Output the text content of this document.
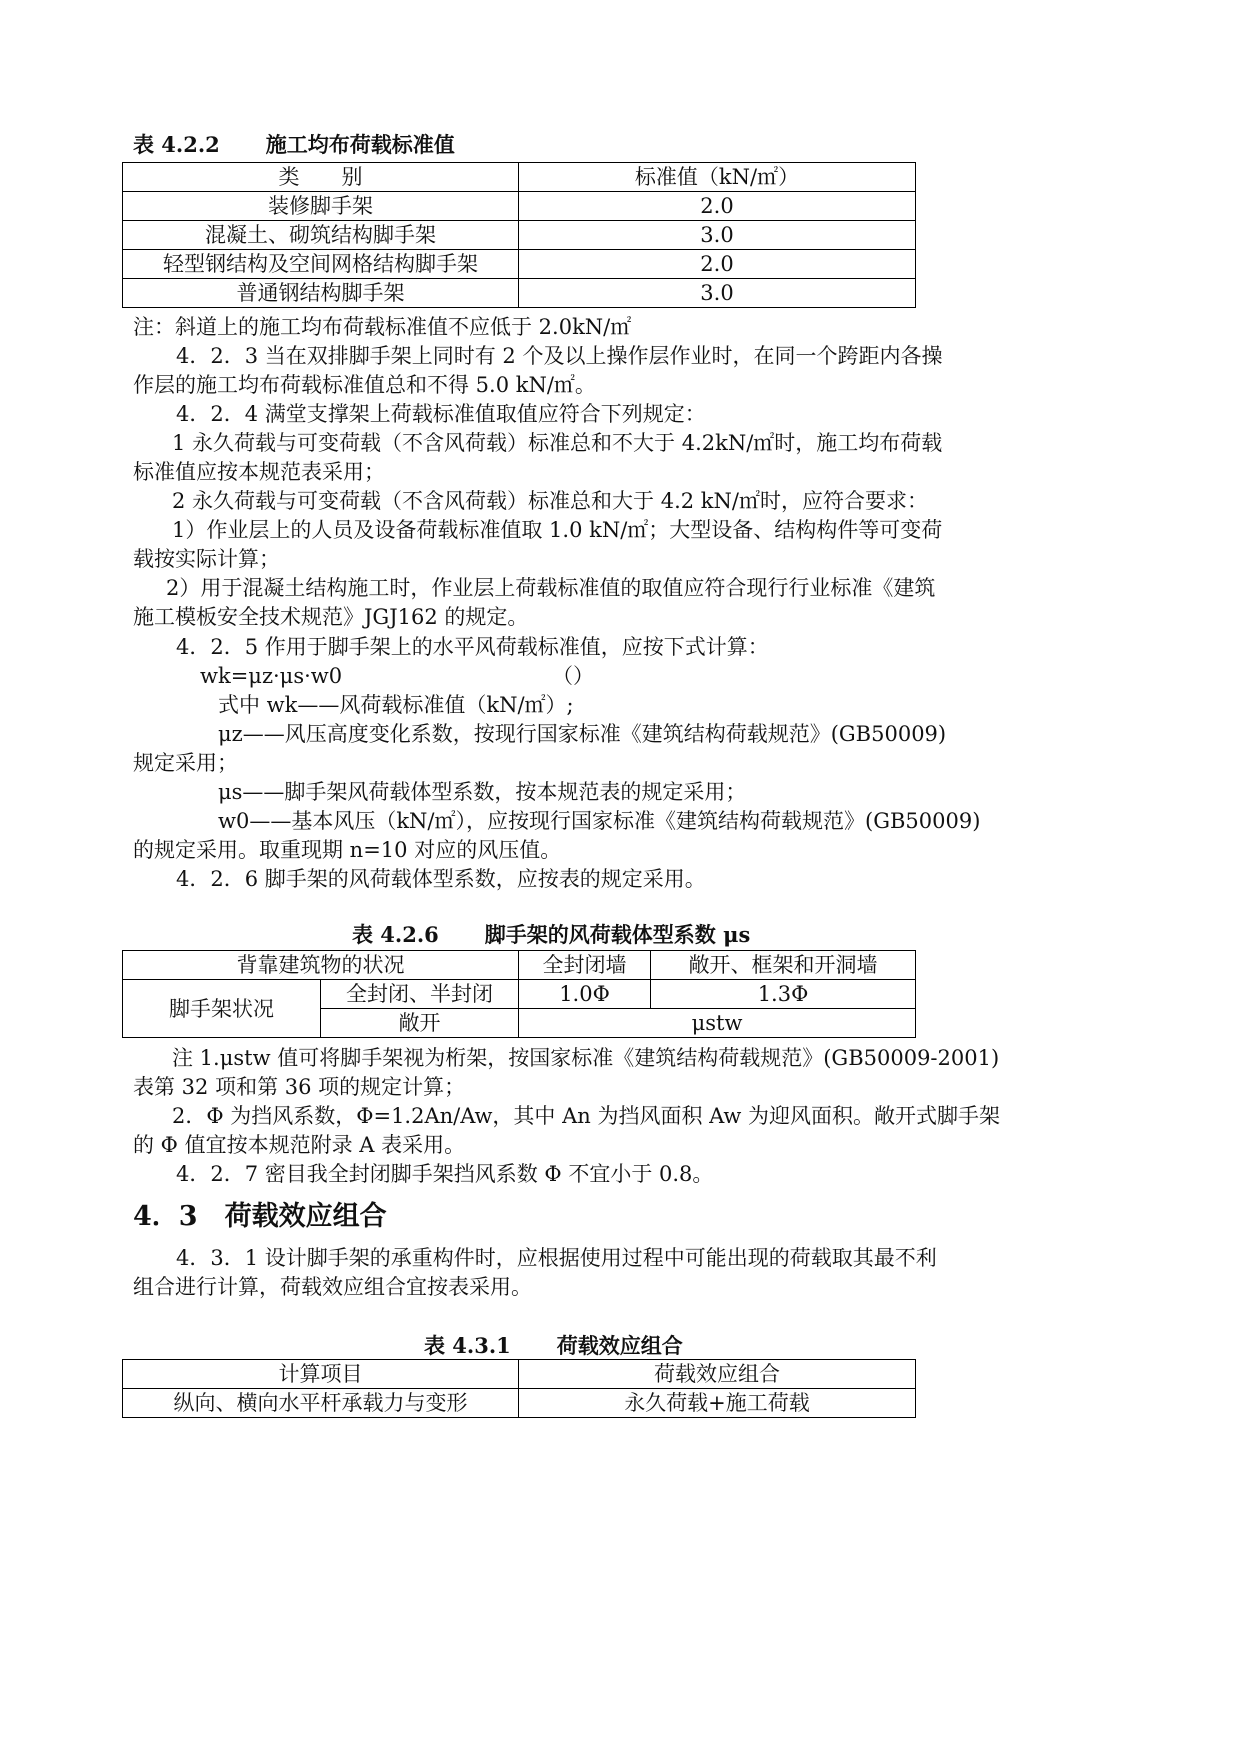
表 4.2.2 施工均布荷载标准值
类　　别	标准值（kN/㎡）
装修脚手架	2.0
混凝土、砌筑结构脚手架	3.0
轻型钢结构及空间网格结构脚手架	2.0
普通钢结构脚手架	3.0
注：斜道上的施工均布荷载标准值不应低于 2.0kN/㎡
4．2．3 当在双排脚手架上同时有 2 个及以上操作层作业时，在同一个跨距内各操
作层的施工均布荷载标准值总和不得 5.0 kN/㎡。
4．2．4 满堂支撑架上荷载标准值取值应符合下列规定：
1 永久荷载与可变荷载（不含风荷载）标准总和不大于 4.2kN/㎡时，施工均布荷载
标准值应按本规范表采用；
2 永久荷载与可变荷载（不含风荷载）标准总和大于 4.2 kN/㎡时，应符合要求：
1）作业层上的人员及设备荷载标准值取 1.0 kN/㎡；大型设备、结构构件等可变荷
载按实际计算；
2）用于混凝土结构施工时，作业层上荷载标准值的取值应符合现行行业标准《建筑
施工模板安全技术规范》JGJ162 的规定。
4．2．5 作用于脚手架上的水平风荷载标准值，应按下式计算：
wk=μz·μs·w0	（）
式中 wk——风荷载标准值（kN/㎡）;
μz——风压高度变化系数，按现行国家标准《建筑结构荷载规范》(GB50009)
规定采用；
μs——脚手架风荷载体型系数，按本规范表的规定采用；
w0——基本风压（kN/㎡），应按现行国家标准《建筑结构荷载规范》(GB50009)
的规定采用。取重现期 n=10 对应的风压值。
4．2．6 脚手架的风荷载体型系数，应按表的规定采用。
表 4.2.6 脚手架的风荷载体型系数 μs
背靠建筑物的状况		全封闭墙	敞开、框架和开洞墙
脚手架状况	全封闭、半封闭	1.0Φ	1.3Φ
	敞开	μstw	
注 1.μstw 值可将脚手架视为桁架，按国家标准《建筑结构荷载规范》(GB50009-2001)
表第 32 项和第 36 项的规定计算；
2．Φ 为挡风系数，Φ=1.2An/Aw，其中 An 为挡风面积 Aw 为迎风面积。敞开式脚手架
的 Φ 值宜按本规范附录 A 表采用。
4．2．7 密目我全封闭脚手架挡风系数 Φ 不宜小于 0.8。
4．3　荷载效应组合
4．3．1 设计脚手架的承重构件时，应根据使用过程中可能出现的荷载取其最不利
组合进行计算，荷载效应组合宜按表采用。
表 4.3.1 荷载效应组合
计算项目	荷载效应组合
纵向、横向水平杆承载力与变形	永久荷载+施工荷载
